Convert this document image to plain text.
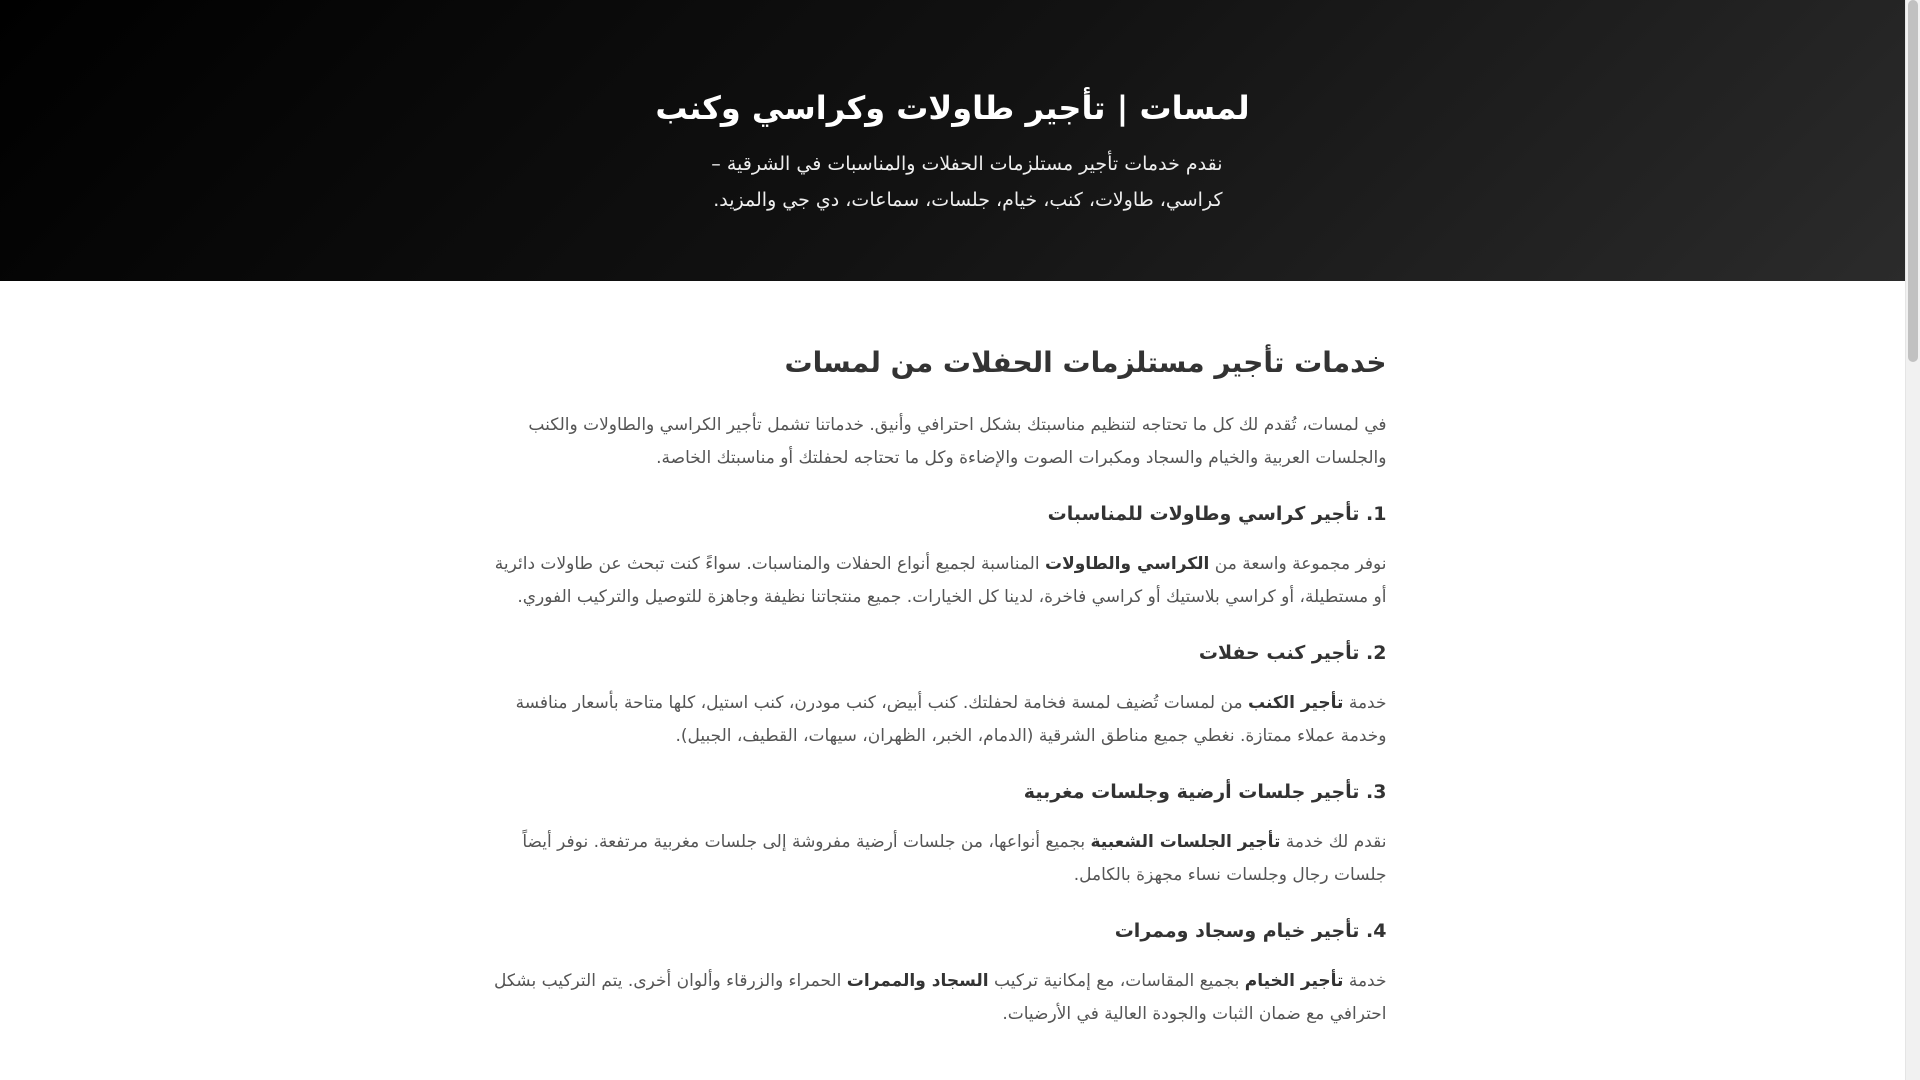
لمسات | تأجير طاولات وكراسي وكنب

نقدم خدمات تأجير مستلزمات الحفلات والمناسبات في الشرقية – كراسي، طاولات، كنب، خيام، جلسات، سماعات، دي جي والمزيد.

خدمات تأجير مستلزمات الحفلات من لمسات

في لمسات، تُقدم لك كل ما تحتاجه لتنظيم مناسبتك بشكل احترافي وأنيق. خدماتنا تشمل تأجير الكراسي والطاولات والكنب والجلسات العربية والخيام والسجاد ومكبرات الصوت والإضاءة وكل ما تحتاجه لحفلتك أو مناسبتك الخاصة.

1. تأجير كراسي وطاولات للمناسبات

نوفر مجموعة واسعة من الكراسي والطاولات المناسبة لجميع أنواع الحفلات والمناسبات. سواءً كنت تبحث عن طاولات دائرية أو مستطيلة، أو كراسي بلاستيك أو كراسي فاخرة، لدينا كل الخيارات. جميع منتجاتنا نظيفة وجاهزة للتوصيل والتركيب الفوري.

2. تأجير كنب حفلات

خدمة تأجير الكنب من لمسات تُضيف لمسة فخامة لحفلتك. كنب أبيض، كنب مودرن، كنب استيل، كلها متاحة بأسعار منافسة وخدمة عملاء ممتازة. نغطي جميع مناطق الشرقية (الدمام، الخبر، الظهران، سيهات، القطيف، الجبيل).

3. تأجير جلسات أرضية وجلسات مغربية

نقدم لك خدمة تأجير الجلسات الشعبية بجميع أنواعها، من جلسات أرضية مفروشة إلى جلسات مغربية مرتفعة. نوفر أيضاً جلسات رجال وجلسات نساء مجهزة بالكامل.

4. تأجير خيام وسجاد وممرات

خدمة تأجير الخيام بجميع المقاسات، مع إمكانية تركيب السجاد والممرات الحمراء والزرقاء وألوان أخرى. يتم التركيب بشكل احترافي مع ضمان الثبات والجودة العالية في الأرضيات.
